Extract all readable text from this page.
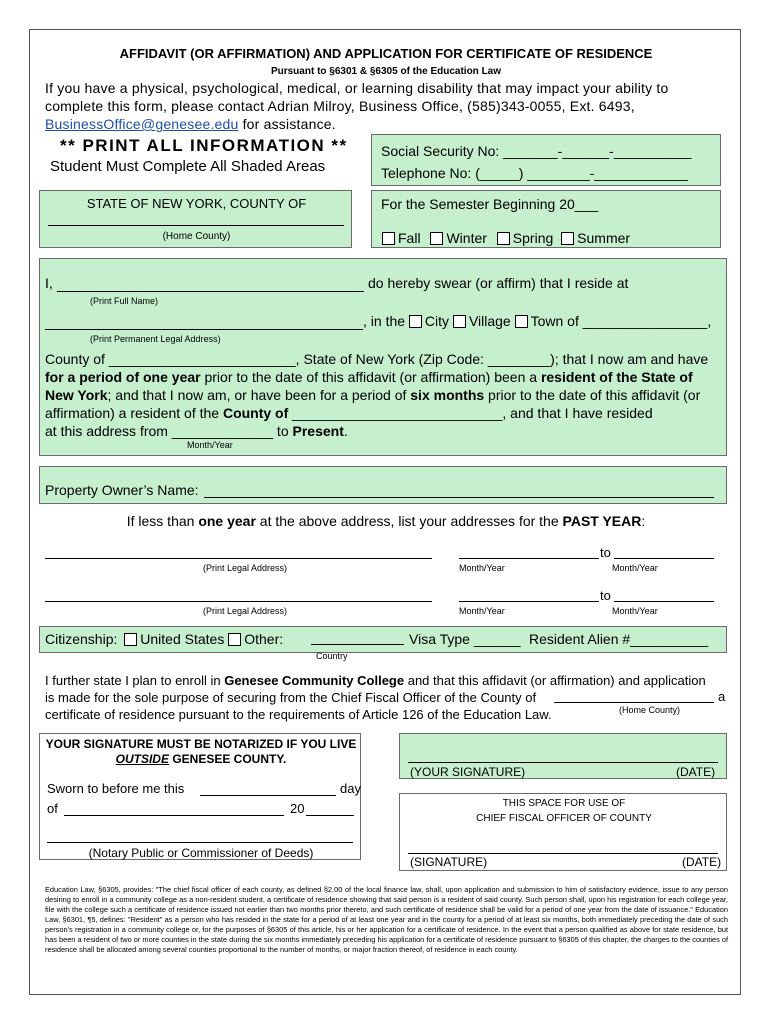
AFFIDAVIT (OR AFFIRMATION) AND APPLICATION FOR CERTIFICATE OF RESIDENCE
Pursuant to §6301 & §6305 of the Education Law
If you have a physical, psychological, medical, or learning disability that may impact your ability to
complete this form, please contact Adrian Milroy, Business Office, (585)343-0055, Ext. 6493,
BusinessOffice@genesee.edu for assistance.
** PRINT ALL INFORMATION **
Student Must Complete All Shaded Areas
Social Security No: _______-______-__________
Telephone No: (_____) ________-____________
STATE OF NEW YORK, COUNTY OF
(Home County)
For the Semester Beginning 20___
Fall Winter Spring Summer
I,	do hereby swear (or affirm) that I reside at
(Print Full Name)
, in the City Village Town of ________________,
(Print Permanent Legal Address)
County of ________________________, State of New York (Zip Code: ________); that I now am and have
for a period of one year prior to the date of this affidavit (or affirmation) been a resident of the State of
New York; and that I now am, or have been for a period of six months prior to the date of this affidavit (or
affirmation) a resident of the County of ___________________________, and that I have resided
at this address from _____________ to Present.
Month/Year
Property Owner’s Name:
If less than one year at the above address, list your addresses for the PAST YEAR:
to
(Print Legal Address)	Month/Year	Month/Year
to
(Print Legal Address)	Month/Year	Month/Year
Citizenship: United States Other:	Visa Type ______ Resident Alien #__________
Country
I further state I plan to enroll in Genesee Community College and that this affidavit (or affirmation) and application
is made for the sole purpose of securing from the Chief Fiscal Officer of the County of
certificate of residence pursuant to the requirements of Article 126 of the Education Law.
a
(Home County)
YOUR SIGNATURE MUST BE NOTARIZED IF YOU LIVE
OUTSIDE GENESEE COUNTY.
Sworn to before me this	day
of	20
(Notary Public or Commissioner of Deeds)
(YOUR SIGNATURE)	(DATE)
THIS SPACE FOR USE OF
CHIEF FISCAL OFFICER OF COUNTY
(SIGNATURE)	(DATE)
Education Law, §6305, provides: "The chief fiscal officer of each county, as defined §2.00 of the local finance law, shall, upon application and submission to him of satisfactory evidence, issue to any person desiring to enroll in a community college as a non-resident student, a certificate of residence showing that said person is a resident of said county. Such person shall, upon his registration for each college year, file with the college such a certificate of residence issued not earlier than two months prior thereto, and such certificate of residence shall be valid for a period of one year from the date of issuance." Education Law, §6301, ¶5, defines: "Resident" as a person who has resided in the state for a period of at least one year and in the county for a period of at least six months, both immediately preceding the date of such person's registration in a community college or, for the purposes of §6305 of this article, his or her application for a certificate of residence. In the event that a person qualified as above for state residence, but has been a resident of two or more counties in the state during the six months immediately preceding his application for a certificate of residence pursuant to §6305 of this chapter, the charges to the counties of residence shall be allocated among several counties proportional to the number of months, or major fraction thereof, of residence in each county.
